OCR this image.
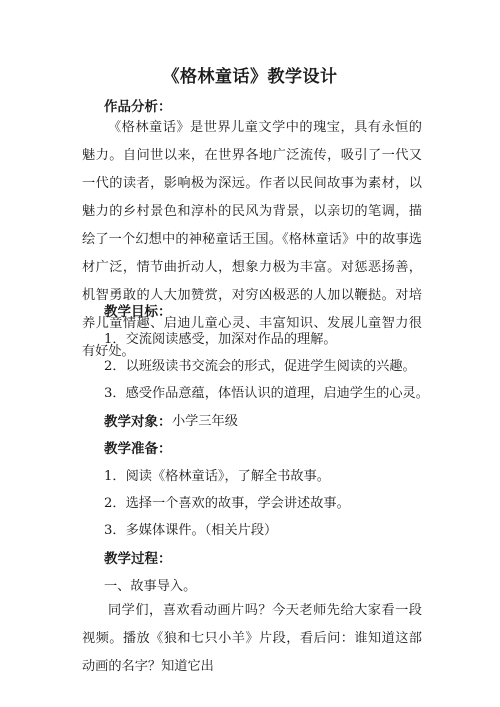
《格林童话》教学设计
作品分析：
《格林童话》是世界儿童文学中的瑰宝，具有永恒的魅力。自问世以来，在世界各地广泛流传，吸引了一代又一代的读者，影响极为深远。作者以民间故事为素材，以魅力的乡村景色和淳朴的民风为背景，以亲切的笔调，描绘了一个幻想中的神秘童话王国。《格林童话》中的故事选材广泛，情节曲折动人，想象力极为丰富。对惩恶扬善，机智勇敢的人大加赞赏，对穷凶极恶的人加以鞭挞。对培养儿童情趣、启迪儿童心灵、丰富知识、发展儿童智力很有好处。
教学目标：
1．交流阅读感受，加深对作品的理解。
2．以班级读书交流会的形式，促进学生阅读的兴趣。
3．感受作品意蕴，体悟认识的道理，启迪学生的心灵。
教学对象： 小学三年级
教学准备：
1．阅读《格林童话》，了解全书故事。
2．选择一个喜欢的故事，学会讲述故事。
3．多媒体课件。（相关片段）
教学过程：
一、故事导入。
同学们，喜欢看动画片吗？今天老师先给大家看一段视频。播放《狼和七只小羊》片段，看后问：谁知道这部动画的名字？知道它出
